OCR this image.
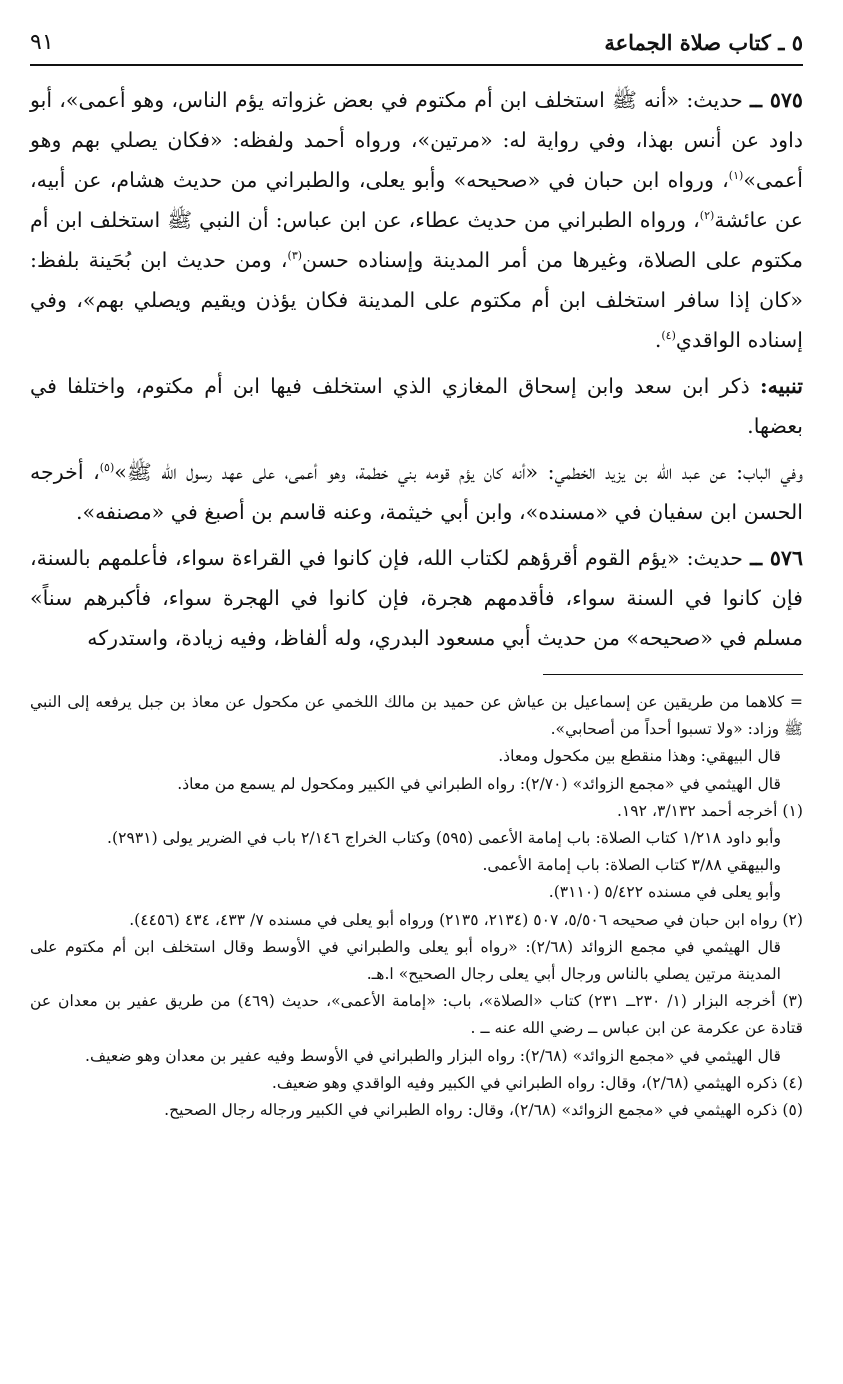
٥ ـ كتاب صلاة الجماعة
٩١

٥٧٥ ــ حديث: «أنه ﷺ استخلف ابن أم مكتوم في بعض غزواته يؤم الناس، وهو أعمى»، أبو داود عن أنس بهذا، وفي رواية له: «مرتين»، ورواه أحمد ولفظه: «فكان يصلي بهم وهو أعمى»$^{(١)}$، ورواه ابن حبان في «صحيحه» وأبو يعلى، والطبراني من حديث هشام، عن أبيه، عن عائشة$^{(٢)}$، ورواه الطبراني من حديث عطاء، عن ابن عباس: أن النبي ﷺ استخلف ابن أم مكتوم على الصلاة، وغيرها من أمر المدينة وإسناده حسن$^{(٣)}$، ومن حديث ابن بُحَينة بلفظ: «كان إذا سافر استخلف ابن أم مكتوم على المدينة فكان يؤذن ويقيم ويصلي بهم»، وفي إسناده الواقدي$^{(٤)}$.

تنبيه: ذكر ابن سعد وابن إسحاق المغازي الذي استخلف فيها ابن أم مكتوم، واختلفا في بعضها.

وفي الباب: عن عبد الله بن يزيد الخطمي: «أنه كان يؤم قومه بني خطمة، وهو أعمى، على عهد رسول الله ﷺ»$^{(٥)}$، أخرجه الحسن ابن سفيان في «مسنده»، وابن أبي خيثمة، وعنه قاسم بن أصبغ في «مصنفه».

٥٧٦ ــ حديث: «يؤم القوم أقرؤهم لكتاب الله، فإن كانوا في القراءة سواء، فأعلمهم بالسنة، فإن كانوا في السنة سواء، فأقدمهم هجرة، فإن كانوا في الهجرة سواء، فأكبرهم سناً» مسلم في «صحيحه» من حديث أبي مسعود البدري، وله ألفاظ، وفيه زيادة، واستدركه

= كلاهما من طريقين عن إسماعيل بن عياش عن حميد بن مالك اللخمي عن مكحول عن معاذ بن جبل يرفعه إلى النبي ﷺ وزاد: «ولا تسبوا أحداً من أصحابي».

قال البيهقي: وهذا منقطع بين مكحول ومعاذ.

قال الهيثمي في «مجمع الزوائد» (٢/٧٠): رواه الطبراني في الكبير ومكحول لم يسمع من معاذ.

(١) أخرجه أحمد ٣/١٣٢، ١٩٢.

وأبو داود ١/٢١٨ كتاب الصلاة: باب إمامة الأعمى (٥٩٥) وكتاب الخراج ٢/١٤٦ باب في الضرير يولى (٢٩٣١).

والبيهقي ٣/٨٨ كتاب الصلاة: باب إمامة الأعمى.

وأبو يعلى في مسنده ٥/٤٢٢ (٣١١٠).

(٢) رواه ابن حبان في صحيحه ٥/٥٠٦، ٥٠٧ (٢١٣٤، ٢١٣٥) ورواه أبو يعلى في مسنده ٧/ ٤٣٣، ٤٣٤ (٤٤٥٦).

قال الهيثمي في مجمع الزوائد (٢/٦٨): «رواه أبو يعلى والطبراني في الأوسط وقال استخلف ابن أم مكتوم على المدينة مرتين يصلي بالناس ورجال أبي يعلى رجال الصحيح» ا.هـ.

(٣) أخرجه البزار (١/ ٢٣٠ــ ٢٣١) كتاب «الصلاة»، باب: «إمامة الأعمى»، حديث (٤٦٩) من طريق عفير بن معدان عن قتادة عن عكرمة عن ابن عباس ــ رضي الله عنه ــ .

قال الهيثمي في «مجمع الزوائد» (٢/٦٨): رواه البزار والطبراني في الأوسط وفيه عفير بن معدان وهو ضعيف.

(٤) ذكره الهيثمي (٢/٦٨)، وقال: رواه الطبراني في الكبير وفيه الواقدي وهو ضعيف.

(٥) ذكره الهيثمي في «مجمع الزوائد» (٢/٦٨)، وقال: رواه الطبراني في الكبير ورجاله رجال الصحيح.
